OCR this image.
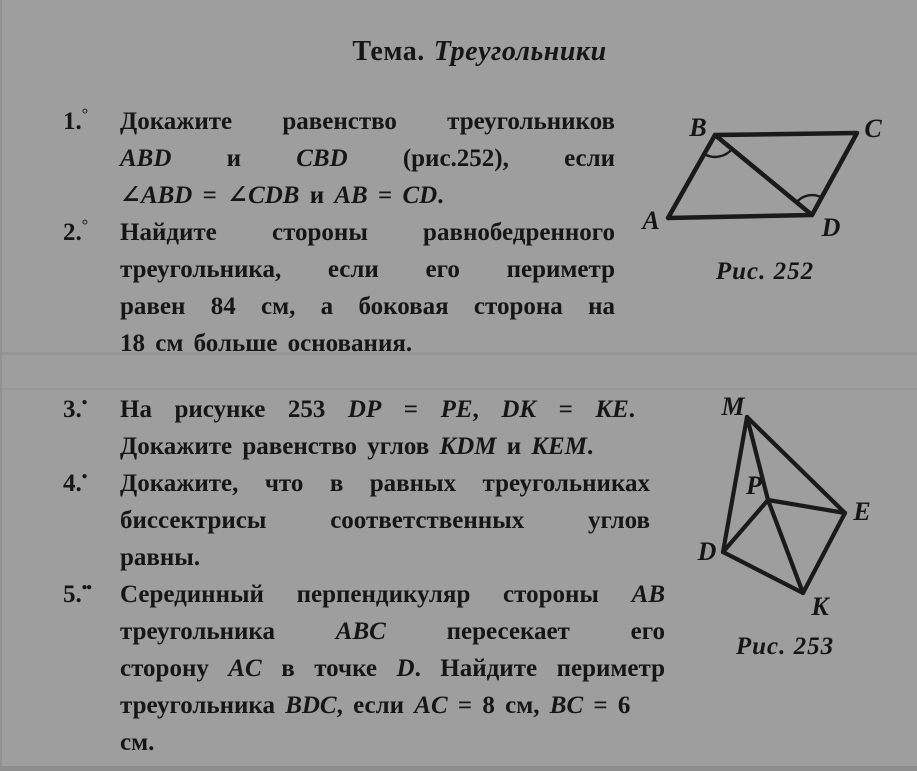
Тема. Треугольники
1.°	Докажите равенство треугольников
ABD и CBD (рис.252), если
∠ABD = ∠CDB и AB = CD.
2.°	Найдите стороны равнобедренного
треугольника, если его периметр
равен 84 см, а боковая сторона на
18 см больше основания.
3.•	На рисунке 253 DP = PE, DK = KE.
Докажите равенство углов KDM и KEM.
4.•	Докажите, что в равных треугольниках
биссектрисы соответственных углов
равны.
5.••	Серединный перпендикуляр стороны AB
треугольника ABC пересекает его
сторону AC в точке D. Найдите периметр
треугольника BDC, если AC = 8 см, BC = 6 см.
B	C
A	D
Рис. 252
M
P
E
D
K
Рис. 253
